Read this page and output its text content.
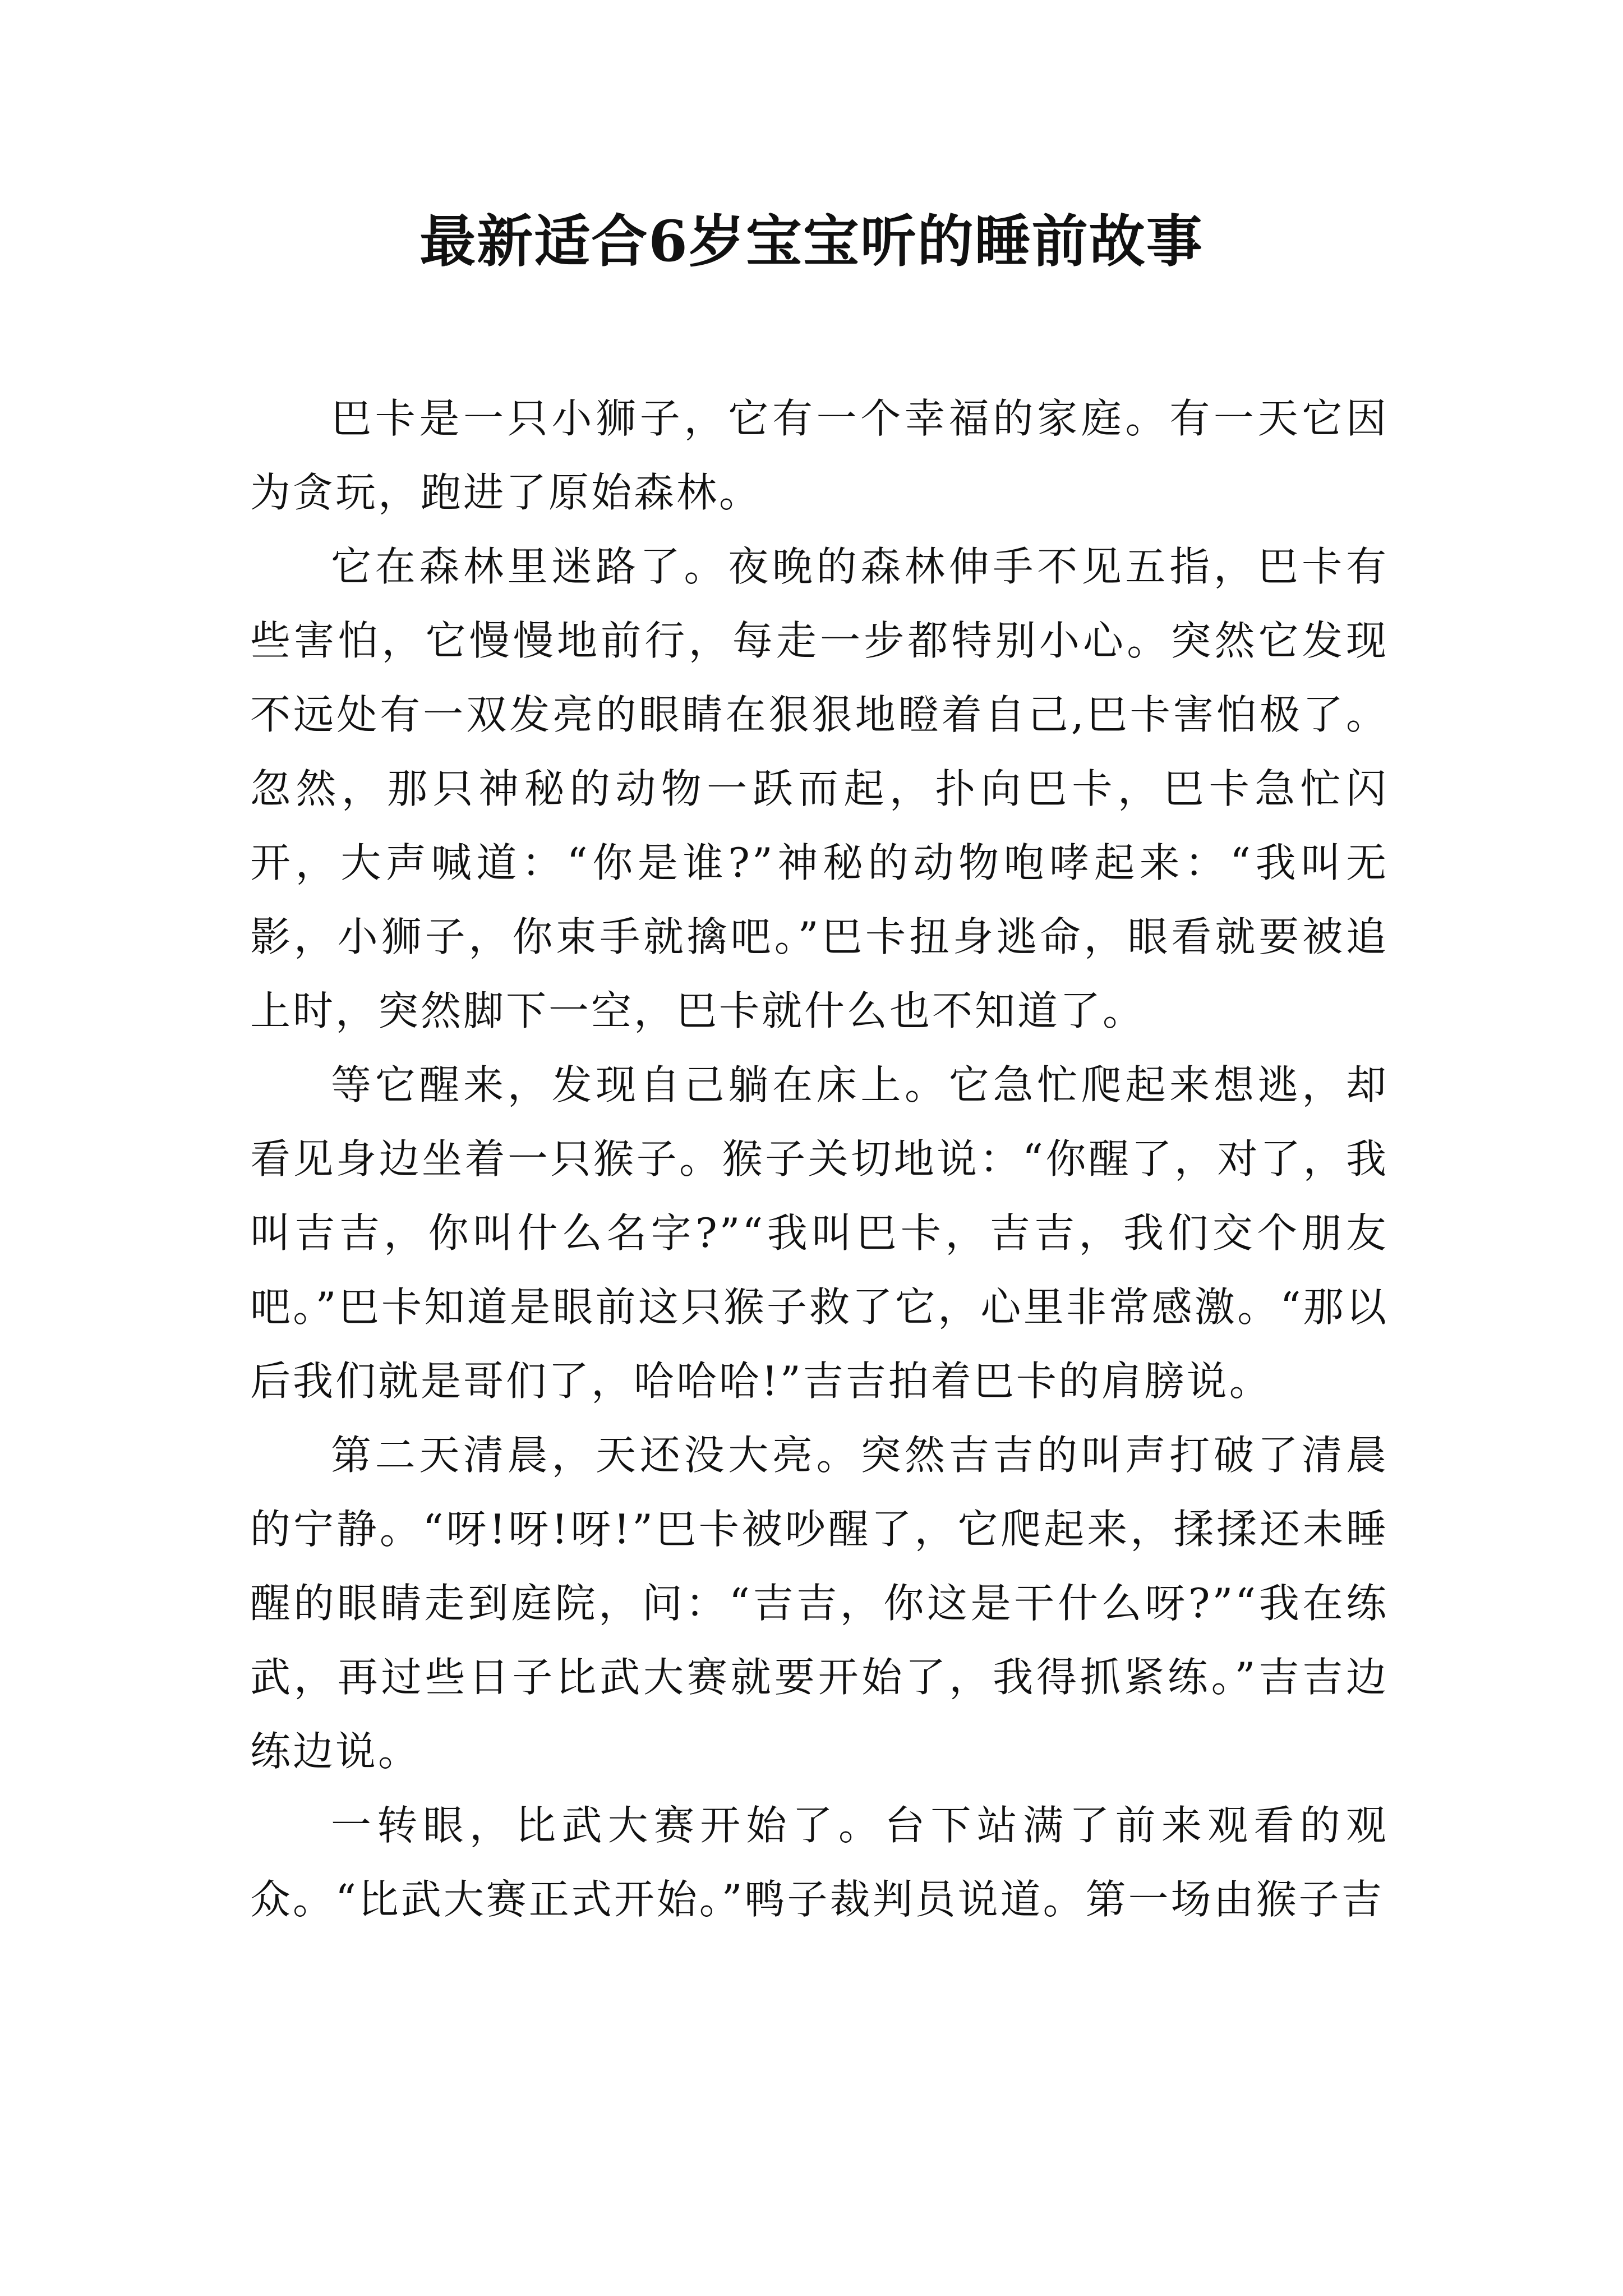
最新适合6岁宝宝听的睡前故事

巴卡是一只小狮子，它有一个幸福的家庭。有一天它因为贪玩，跑进了原始森林。

它在森林里迷路了。夜晚的森林伸手不见五指，巴卡有些害怕，它慢慢地前行，每走一步都特别小心。突然它发现不远处有一双发亮的眼睛在狠狠地瞪着自己,巴卡害怕极了。忽然，那只神秘的动物一跃而起，扑向巴卡，巴卡急忙闪开，大声喊道：“你是谁?”神秘的动物咆哮起来：“我叫无影，小狮子，你束手就擒吧。”巴卡扭身逃命，眼看就要被追上时，突然脚下一空，巴卡就什么也不知道了。

等它醒来，发现自己躺在床上。它急忙爬起来想逃，却看见身边坐着一只猴子。猴子关切地说：“你醒了，对了，我叫吉吉，你叫什么名字?”“我叫巴卡，吉吉，我们交个朋友吧。”巴卡知道是眼前这只猴子救了它，心里非常感激。“那以后我们就是哥们了，哈哈哈!”吉吉拍着巴卡的肩膀说。

第二天清晨，天还没大亮。突然吉吉的叫声打破了清晨的宁静。“呀!呀!呀!”巴卡被吵醒了，它爬起来，揉揉还未睡醒的眼睛走到庭院，问：“吉吉，你这是干什么呀?”“我在练武，再过些日子比武大赛就要开始了，我得抓紧练。”吉吉边练边说。

一转眼，比武大赛开始了。台下站满了前来观看的观众。“比武大赛正式开始。”鸭子裁判员说道。第一场由猴子吉
